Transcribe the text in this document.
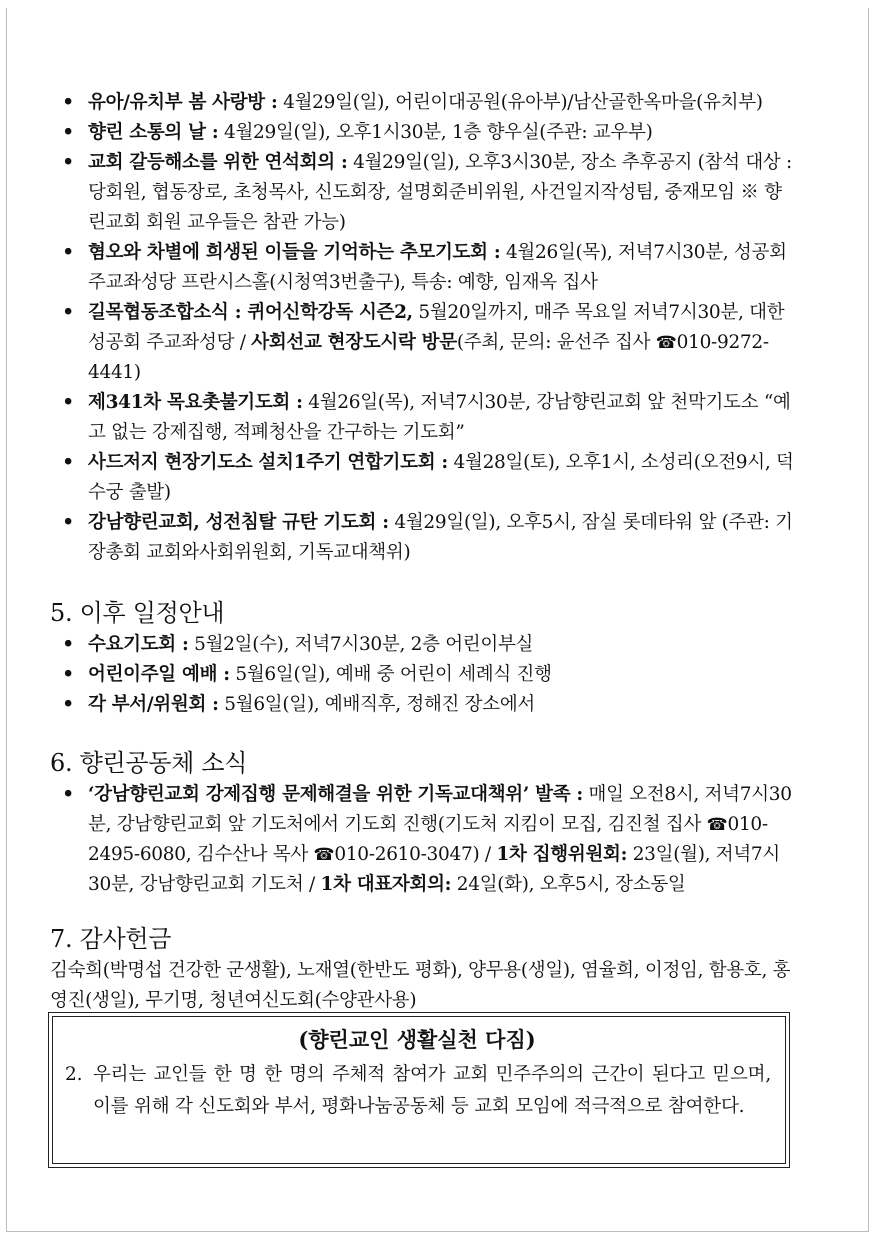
• 유아/유치부 봄 사랑방 : 4월29일(일), 어린이대공원(유아부)/남산골한옥마을(유치부)
• 향린 소통의 날 : 4월29일(일), 오후1시30분, 1층 향우실(주관: 교우부)
• 교회 갈등해소를 위한 연석회의 : 4월29일(일), 오후3시30분, 장소 추후공지 (참석 대상 : 당회원, 협동장로, 초청목사, 신도회장, 설명회준비위원, 사건일지작성팀, 중재모임 ※ 향린교회 회원 교우들은 참관 가능)
• 혐오와 차별에 희생된 이들을 기억하는 추모기도회 : 4월26일(목), 저녁7시30분, 성공회 주교좌성당 프란시스홀(시청역3번출구), 특송: 예향, 임재옥 집사
• 길목협동조합소식 : 퀴어신학강독 시즌2, 5월20일까지, 매주 목요일 저녁7시30분, 대한성공회 주교좌성당 / 사회선교 현장도시락 방문(주최, 문의: 윤선주 집사 ☎010-9272-4441)
• 제341차 목요촛불기도회 : 4월26일(목), 저녁7시30분, 강남향린교회 앞 천막기도소 “예고 없는 강제집행, 적폐청산을 간구하는 기도회”
• 사드저지 현장기도소 설치1주기 연합기도회 : 4월28일(토), 오후1시, 소성리(오전9시, 덕수궁 출발)
• 강남향린교회, 성전침탈 규탄 기도회 : 4월29일(일), 오후5시, 잠실 롯데타워 앞 (주관: 기장총회 교회와사회위원회, 기독교대책위)
5. 이후 일정안내
• 수요기도회 : 5월2일(수), 저녁7시30분, 2층 어린이부실
• 어린이주일 예배 : 5월6일(일), 예배 중 어린이 세례식 진행
• 각 부서/위원회 : 5월6일(일), 예배직후, 정해진 장소에서
6. 향린공동체 소식
• ‘강남향린교회 강제집행 문제해결을 위한 기독교대책위’ 발족 : 매일 오전8시, 저녁7시30분, 강남향린교회 앞 기도처에서 기도회 진행(기도처 지킴이 모집, 김진철 집사 ☎010-2495-6080, 김수산나 목사 ☎010-2610-3047) / 1차 집행위원회: 23일(월), 저녁7시30분, 강남향린교회 기도처 / 1차 대표자회의: 24일(화), 오후5시, 장소동일
7. 감사헌금

김숙희(박명섭 건강한 군생활), 노재열(한반도 평화), 양무용(생일), 염율희, 이정임, 함용호, 홍영진(생일), 무기명, 청년여신도회(수양관사용)

(향린교인 생활실천 다짐)
2. 우리는 교인들 한 명 한 명의 주체적 참여가 교회 민주주의의 근간이 된다고 믿으며, 이를 위해 각 신도회와 부서, 평화나눔공동체 등 교회 모임에 적극적으로 참여한다.
